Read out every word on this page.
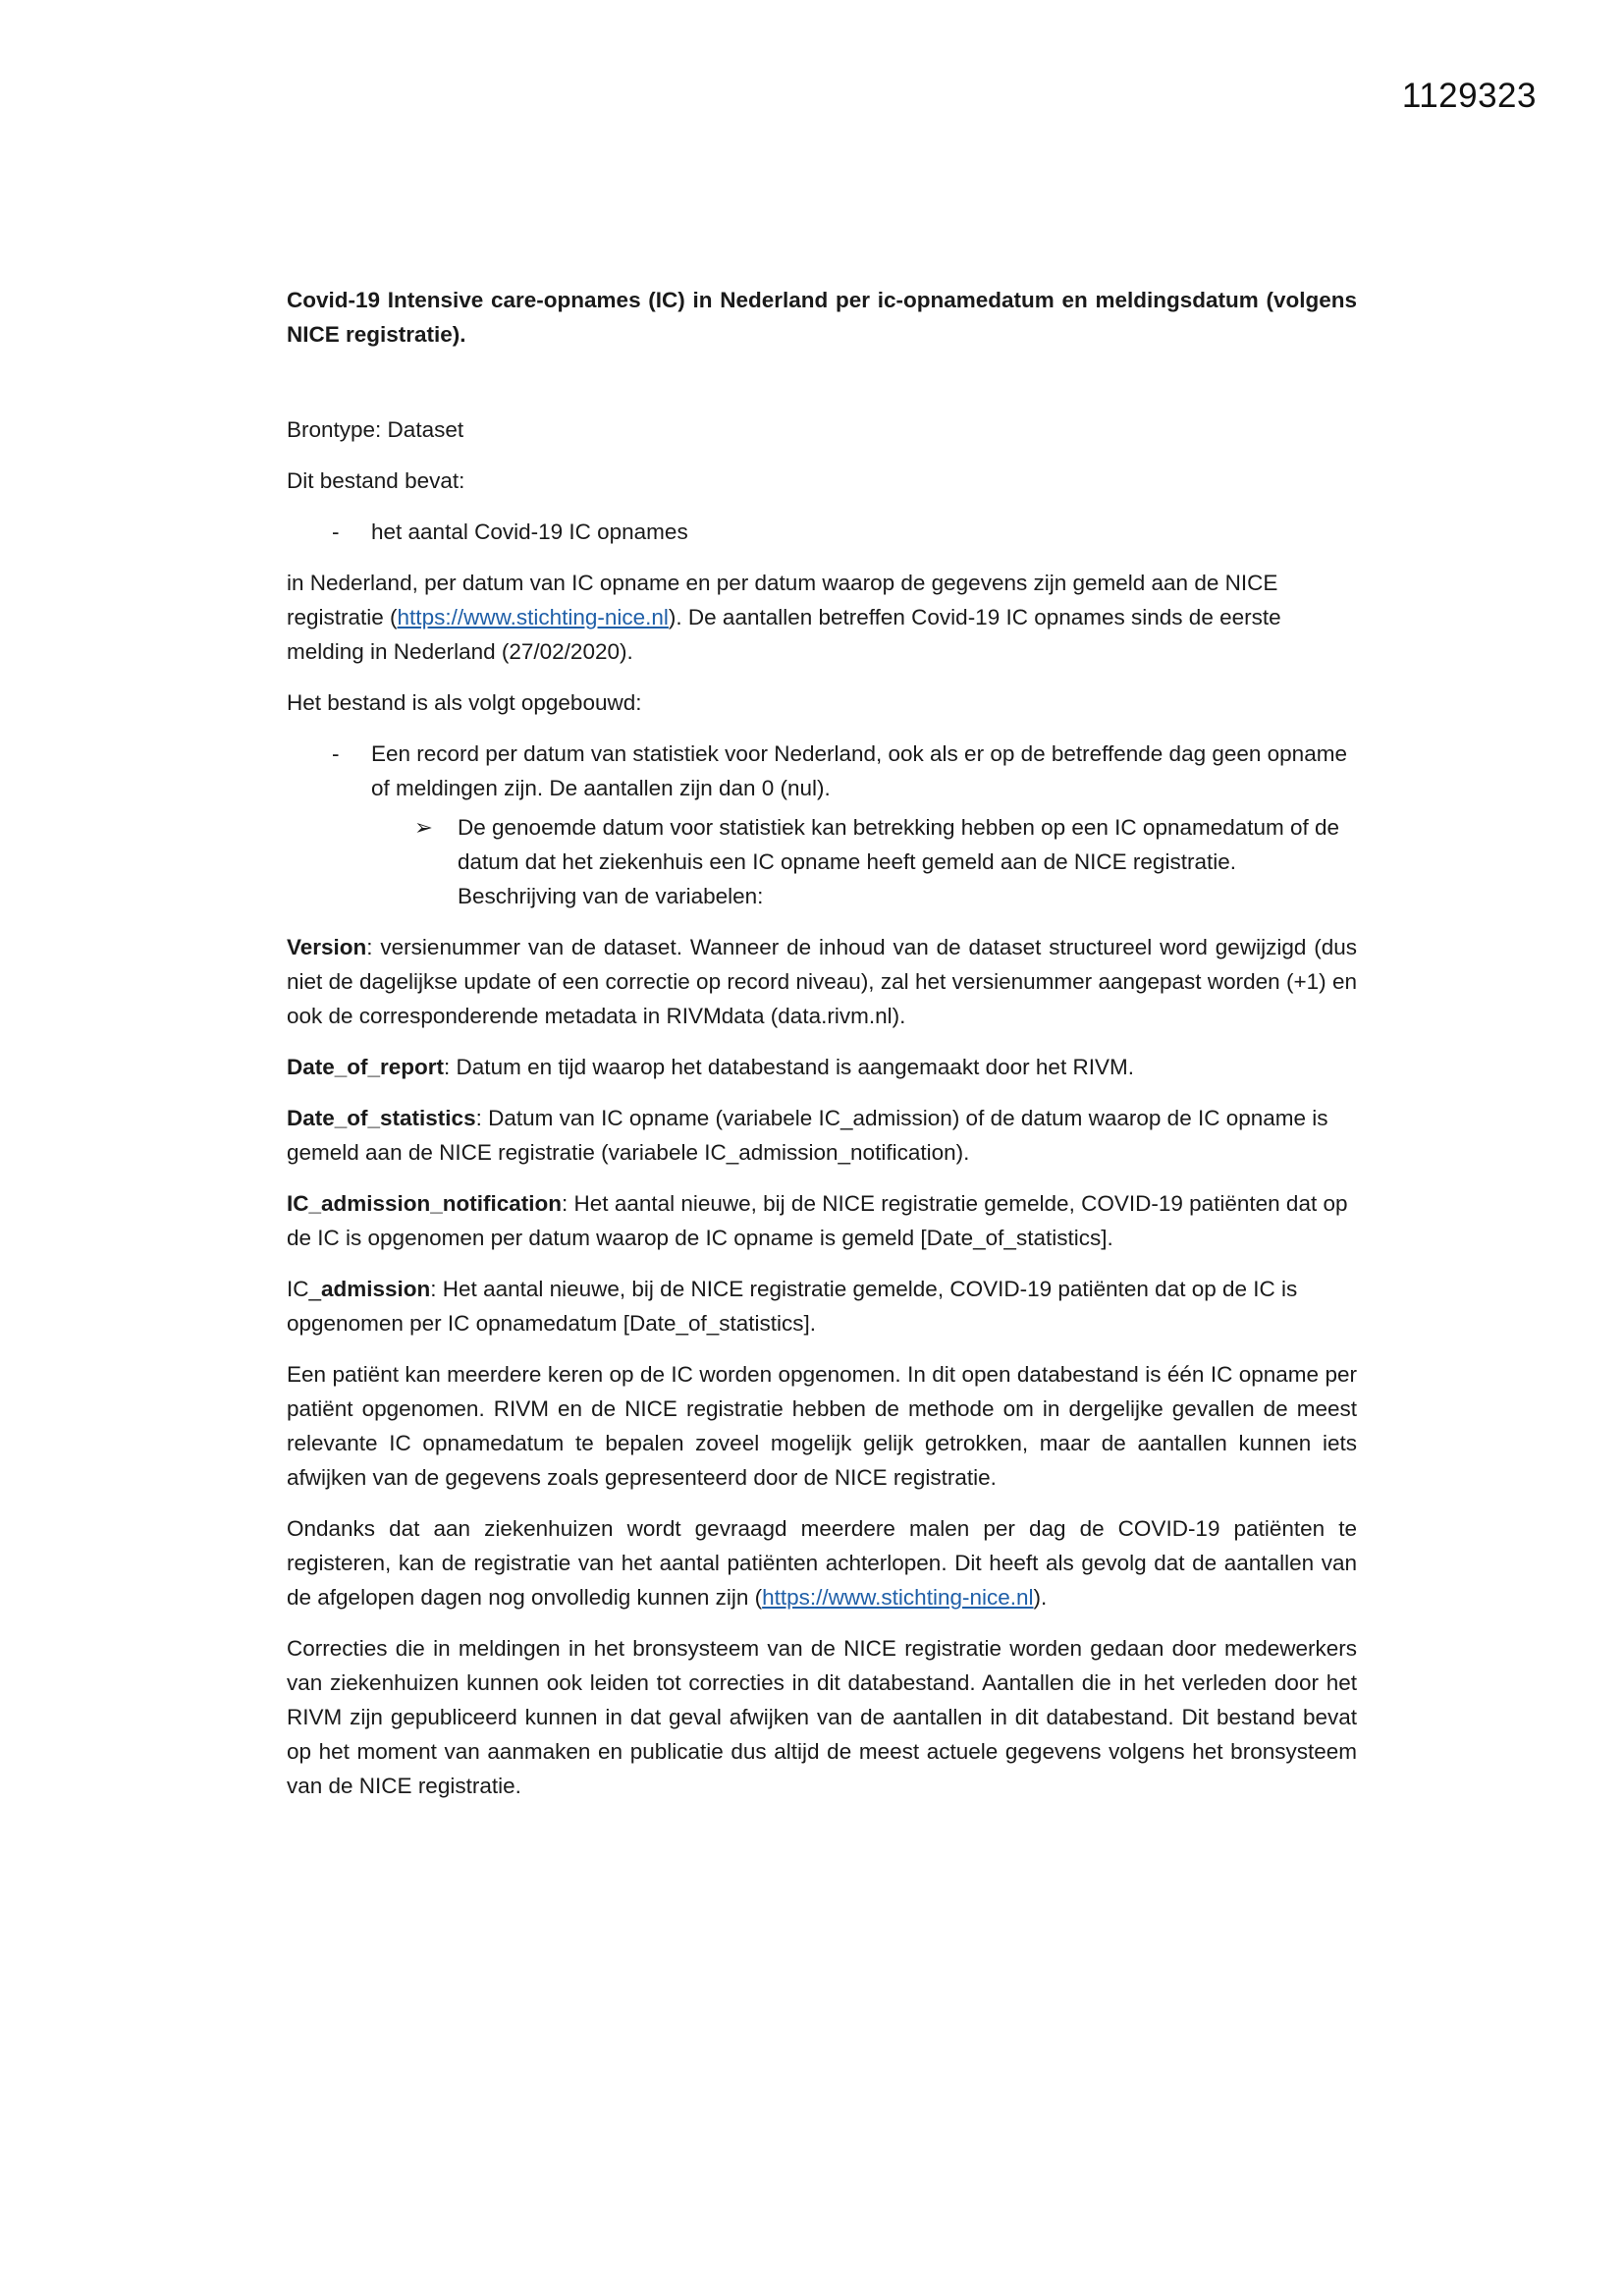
1129323
Covid-19 Intensive care-opnames (IC) in Nederland per ic-opnamedatum en meldingsdatum (volgens NICE registratie).

Brontype: Dataset

Dit bestand bevat:

- het aantal Covid-19 IC opnames

in Nederland, per datum van IC opname en per datum waarop de gegevens zijn gemeld aan de NICE registratie (https://www.stichting-nice.nl). De aantallen betreffen Covid-19 IC opnames sinds de eerste melding in Nederland (27/02/2020).

Het bestand is als volgt opgebouwd:

- Een record per datum van statistiek voor Nederland, ook als er op de betreffende dag geen opname of meldingen zijn. De aantallen zijn dan 0 (nul).
➢ De genoemde datum voor statistiek kan betrekking hebben op een IC opnamedatum of de datum dat het ziekenhuis een IC opname heeft gemeld aan de NICE registratie.
Beschrijving van de variabelen:

Version: versienummer van de dataset. Wanneer de inhoud van de dataset structureel word gewijzigd (dus niet de dagelijkse update of een correctie op record niveau), zal het versienummer aangepast worden (+1) en ook de corresponderende metadata in RIVMdata (data.rivm.nl).

Date_of_report: Datum en tijd waarop het databestand is aangemaakt door het RIVM.

Date_of_statistics: Datum van IC opname (variabele IC_admission) of de datum waarop de IC opname is gemeld aan de NICE registratie (variabele IC_admission_notification).

IC_admission_notification: Het aantal nieuwe, bij de NICE registratie gemelde, COVID-19 patiënten dat op de IC is opgenomen per datum waarop de IC opname is gemeld [Date_of_statistics].

IC_admission: Het aantal nieuwe, bij de NICE registratie gemelde, COVID-19 patiënten dat op de IC is opgenomen per IC opnamedatum [Date_of_statistics].

Een patiënt kan meerdere keren op de IC worden opgenomen. In dit open databestand is één IC opname per patiënt opgenomen. RIVM en de NICE registratie hebben de methode om in dergelijke gevallen de meest relevante IC opnamedatum te bepalen zoveel mogelijk gelijk getrokken, maar de aantallen kunnen iets afwijken van de gegevens zoals gepresenteerd door de NICE registratie.

Ondanks dat aan ziekenhuizen wordt gevraagd meerdere malen per dag de COVID-19 patiënten te registeren, kan de registratie van het aantal patiënten achterlopen. Dit heeft als gevolg dat de aantallen van de afgelopen dagen nog onvolledig kunnen zijn (https://www.stichting-nice.nl).

Correcties die in meldingen in het bronsysteem van de NICE registratie worden gedaan door medewerkers van ziekenhuizen kunnen ook leiden tot correcties in dit databestand. Aantallen die in het verleden door het RIVM zijn gepubliceerd kunnen in dat geval afwijken van de aantallen in dit databestand. Dit bestand bevat op het moment van aanmaken en publicatie dus altijd de meest actuele gegevens volgens het bronsysteem van de NICE registratie.
